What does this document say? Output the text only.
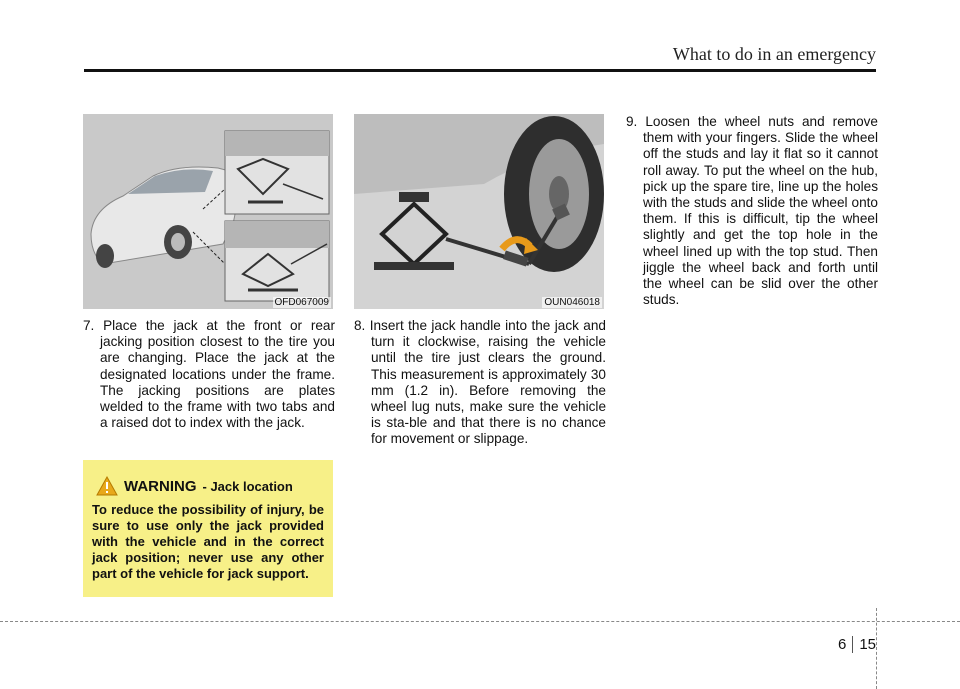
What to do in an emergency
OFD067009	OUN046018
7. Place the jack at the front or rear jacking position closest to the tire you are changing. Place the jack at the designated locations under the frame. The jacking positions are plates welded to the frame with two tabs and a raised dot to index with the jack.
8. Insert the jack handle into the jack and turn it clockwise, raising the vehicle until the tire just clears the ground. This measurement is approximately 30 mm (1.2 in). Before removing the wheel lug nuts, make sure the vehicle is sta-ble and that there is no chance for movement or slippage.
9. Loosen the wheel nuts and remove them with your fingers. Slide the wheel off the studs and lay it flat so it cannot roll away. To put the wheel on the hub, pick up the spare tire, line up the holes with the studs and slide the wheel onto them. If this is difficult, tip the wheel slightly and get the top hole in the wheel lined up with the top stud. Then jiggle the wheel back and forth until the wheel can be slid over the other studs.
WARNING - Jack location
To reduce the possibility of injury, be sure to use only the jack provided with the vehicle and in the correct jack position; never use any other part of the vehicle for jack support.
6 15
